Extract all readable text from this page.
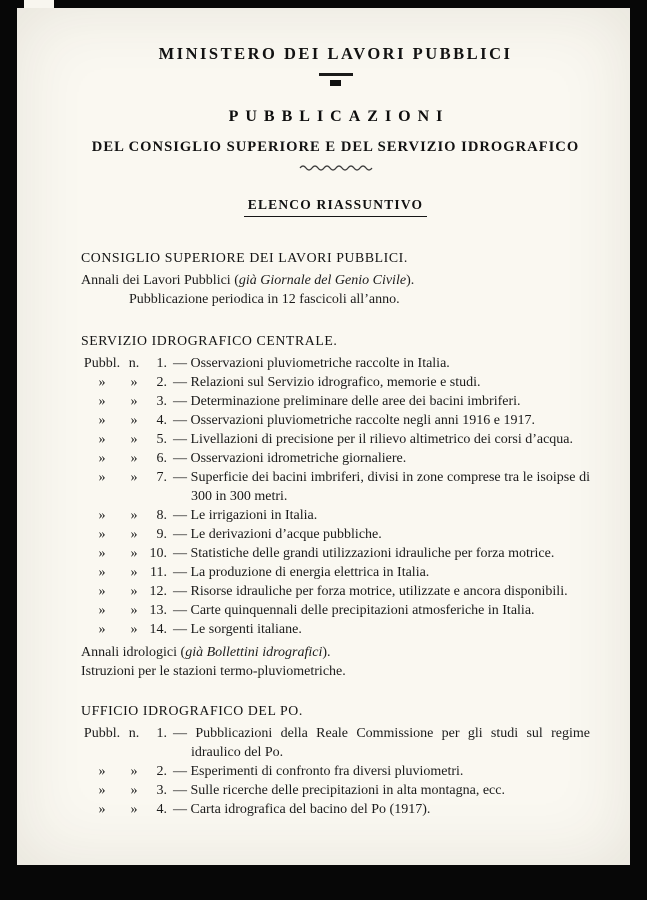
MINISTERO DEI LAVORI PUBBLICI
PUBBLICAZIONI
DEL CONSIGLIO SUPERIORE E DEL SERVIZIO IDROGRAFICO
ELENCO RIASSUNTIVO
CONSIGLIO SUPERIORE DEI LAVORI PUBBLICI.
Annali dei Lavori Pubblici (già Giornale del Genio Civile).
Pubblicazione periodica in 12 fascicoli all’anno.
SERVIZIO IDROGRAFICO CENTRALE.
Pubbl. n.	1. — Osservazioni pluviometriche raccolte in Italia.
»	»	2. — Relazioni sul Servizio idrografico, memorie e studi.
»	»	3. — Determinazione preliminare delle aree dei bacini imbriferi.
»	»	4. — Osservazioni pluviometriche raccolte negli anni 1916 e 1917.
»	»	5. — Livellazioni di precisione per il rilievo altimetrico dei corsi d’acqua.
»	»	6. — Osservazioni idrometriche giornaliere.
»	»	7. — Superficie dei bacini imbriferi, divisi in zone comprese tra le isoipse di 300 in 300 metri.
»	»	8. — Le irrigazioni in Italia.
»	»	9. — Le derivazioni d’acque pubbliche.
»	» 10. — Statistiche delle grandi utilizzazioni idrauliche per forza motrice.
»	» 11. — La produzione di energia elettrica in Italia.
»	» 12. — Risorse idrauliche per forza motrice, utilizzate e ancora disponibili.
»	» 13. — Carte quinquennali delle precipitazioni atmosferiche in Italia.
»	» 14. — Le sorgenti italiane.
Annali idrologici (già Bollettini idrografici).
Istruzioni per le stazioni termo-pluviometriche.
UFFICIO IDROGRAFICO DEL PO.
Pubbl. n.	1. — Pubblicazioni della Reale Commissione per gli studi sul regime idraulico del Po.
»	»	2. — Esperimenti di confronto fra diversi pluviometri.
»	»	3. — Sulle ricerche delle precipitazioni in alta montagna, ecc.
»	»	4. — Carta idrografica del bacino del Po (1917).
